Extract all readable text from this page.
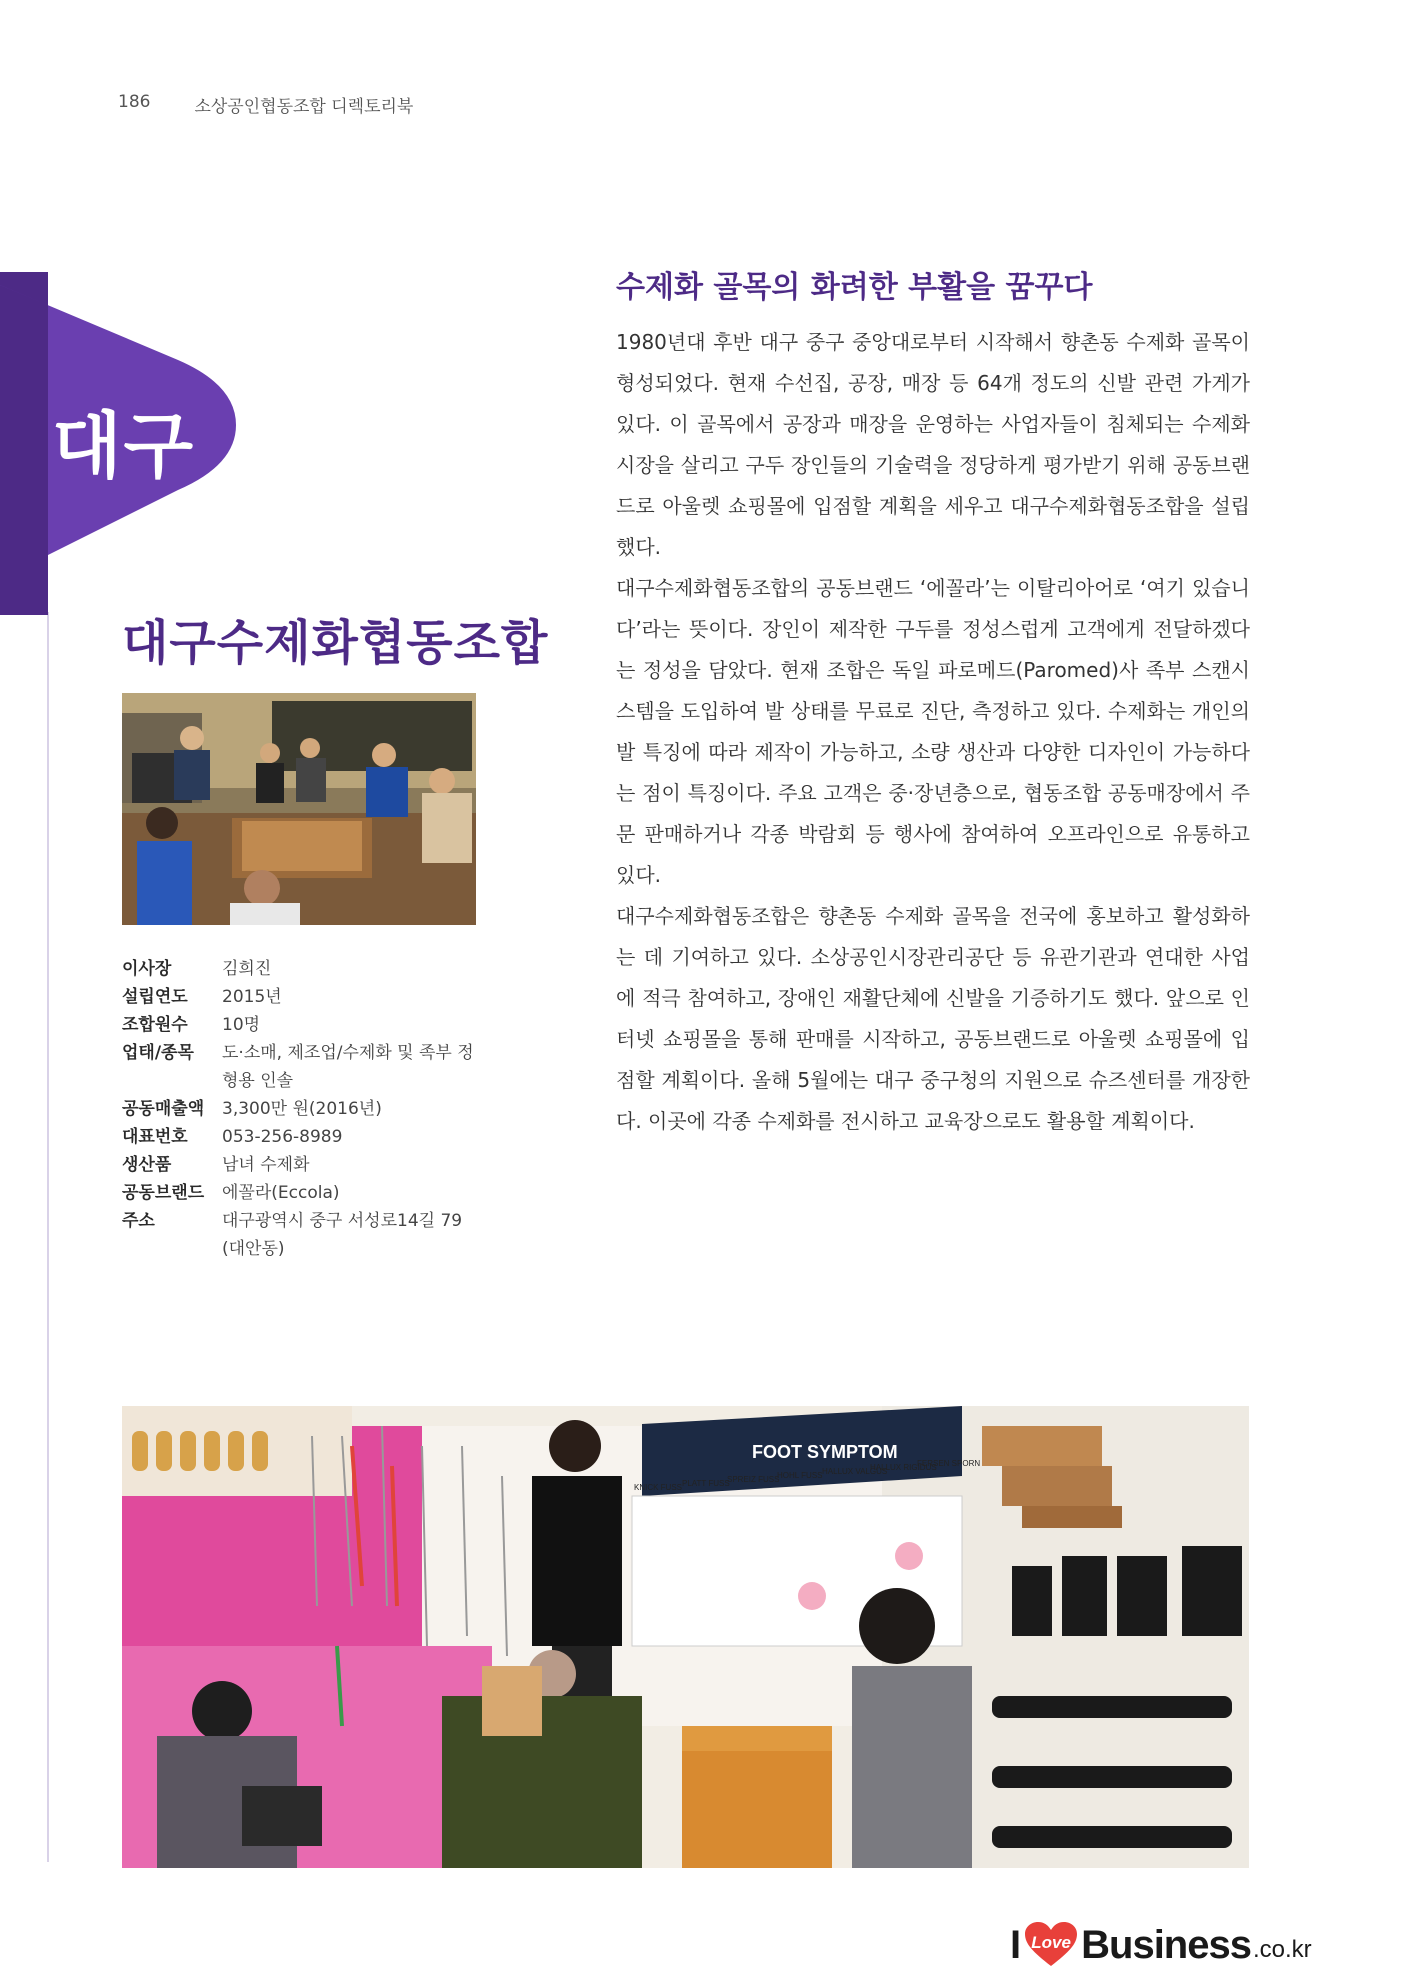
186	소상공인협동조합 디렉토리북
대구
대구수제화협동조합
이사장	김희진
설립연도	2015년
조합원수	10명
업태/종목	도·소매, 제조업/수제화 및 족부 정형용 인솔
공동매출액	3,300만 원(2016년)
대표번호	053-256-8989
생산품	남녀 수제화
공동브랜드	에꼴라(Eccola)
주소	대구광역시 중구 서성로14길 79 (대안동)
수제화 골목의 화려한 부활을 꿈꾸다

1980년대 후반 대구 중구 중앙대로부터 시작해서 향촌동 수제화 골목이 형성되었다. 현재 수선집, 공장, 매장 등 64개 정도의 신발 관련 가게가 있다. 이 골목에서 공장과 매장을 운영하는 사업자들이 침체되는 수제화 시장을 살리고 구두 장인들의 기술력을 정당하게 평가받기 위해 공동브랜드로 아울렛 쇼핑몰에 입점할 계획을 세우고 대구수제화협동조합을 설립했다.

대구수제화협동조합의 공동브랜드 ‘에꼴라’는 이탈리아어로 ‘여기 있습니다’라는 뜻이다. 장인이 제작한 구두를 정성스럽게 고객에게 전달하겠다는 정성을 담았다. 현재 조합은 독일 파로메드(Paromed)사 족부 스캔시스템을 도입하여 발 상태를 무료로 진단, 측정하고 있다. 수제화는 개인의 발 특징에 따라 제작이 가능하고, 소량 생산과 다양한 디자인이 가능하다는 점이 특징이다. 주요 고객은 중·장년층으로, 협동조합 공동매장에서 주문 판매하거나 각종 박람회 등 행사에 참여하여 오프라인으로 유통하고 있다.

대구수제화협동조합은 향촌동 수제화 골목을 전국에 홍보하고 활성화하는 데 기여하고 있다. 소상공인시장관리공단 등 유관기관과 연대한 사업에 적극 참여하고, 장애인 재활단체에 신발을 기증하기도 했다. 앞으로 인터넷 쇼핑몰을 통해 판매를 시작하고, 공동브랜드로 아울렛 쇼핑몰에 입점할 계획이다. 올해 5월에는 대구 중구청의 지원으로 슈즈센터를 개장한다. 이곳에 각종 수제화를 전시하고 교육장으로도 활용할 계획이다.

FOOT SYMPTOM
KNICK FUSS PLATT FUSS
SPREIZ FUSS
HOHL FUSS HALLUX VALGUS
HALLUX RIGIDUS
FERSEN SPORN
I Love Business .co.kr
